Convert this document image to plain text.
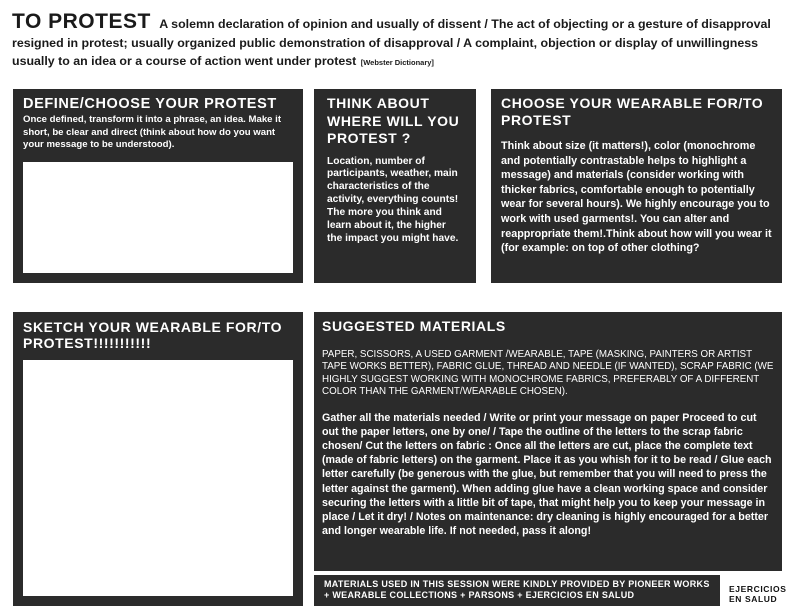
TO PROTEST A solemn declaration of opinion and usually of dissent / The act of objecting or a gesture of disapproval resigned in protest; usually organized public demonstration of disapproval / A complaint, objection or display of unwillingness usually to an idea or a course of action went under protest [Webster Dictionary]
DEFINE/CHOOSE YOUR PROTEST
Once defined, transform it into a phrase, an idea. Make it short, be clear and direct (think about how do you want your message to be understood).
THINK ABOUT WHERE WILL YOU PROTEST ?
Location, number of participants, weather, main characteristics of the activity, everything counts! The more you think and learn about it, the higher the impact you might have.
CHOOSE YOUR WEARABLE FOR/TO PROTEST
Think about size (it matters!), color (monochrome and potentially contrastable helps to highlight a message) and materials (consider working with thicker fabrics, comfortable enough to potentially wear for several hours). We highly encourage you to work with used garments!. You can alter and reappropriate them!.Think about how will you wear it (for example: on top of other clothing?
SKETCH YOUR WEARABLE FOR/TO PROTEST!!!!!!!!!!!
SUGGESTED MATERIALS
PAPER, SCISSORS, A USED GARMENT /WEARABLE, TAPE (MASKING, PAINTERS OR ARTIST TAPE WORKS BETTER), FABRIC GLUE, THREAD AND NEEDLE (IF WANTED), SCRAP FABRIC (WE HIGHLY SUGGEST WORKING WITH MONOCHROME FABRICS, PREFERABLY OF A DIFFERENT COLOR THAN THE GARMENT/WEARABLE CHOSEN).
Gather all the materials needed / Write or print your message on paper Proceed to cut out the paper letters, one by one/ / Tape the outline of the letters to the scrap fabric chosen/ Cut the letters on fabric : Once all the letters are cut, place the complete text (made of fabric letters) on the garment. Place it as you whish for it to be read / Glue each letter carefully (be generous with the glue, but remember that you will need to press the letter against the garment). When adding glue have a clean working space and consider securing the letters with a little bit of tape, that might help you to keep your message in place / Let it dry! / Notes on maintenance: dry cleaning is highly encouraged for a better and longer wearable life. If not needed, pass it along!
MATERIALS USED IN THIS SESSION WERE KINDLY PROVIDED BY PIONEER WORKS + WEARABLE COLLECTIONS + PARSONS + EJERCICIOS EN SALUD
EJERCICIOS
EN SALUD
